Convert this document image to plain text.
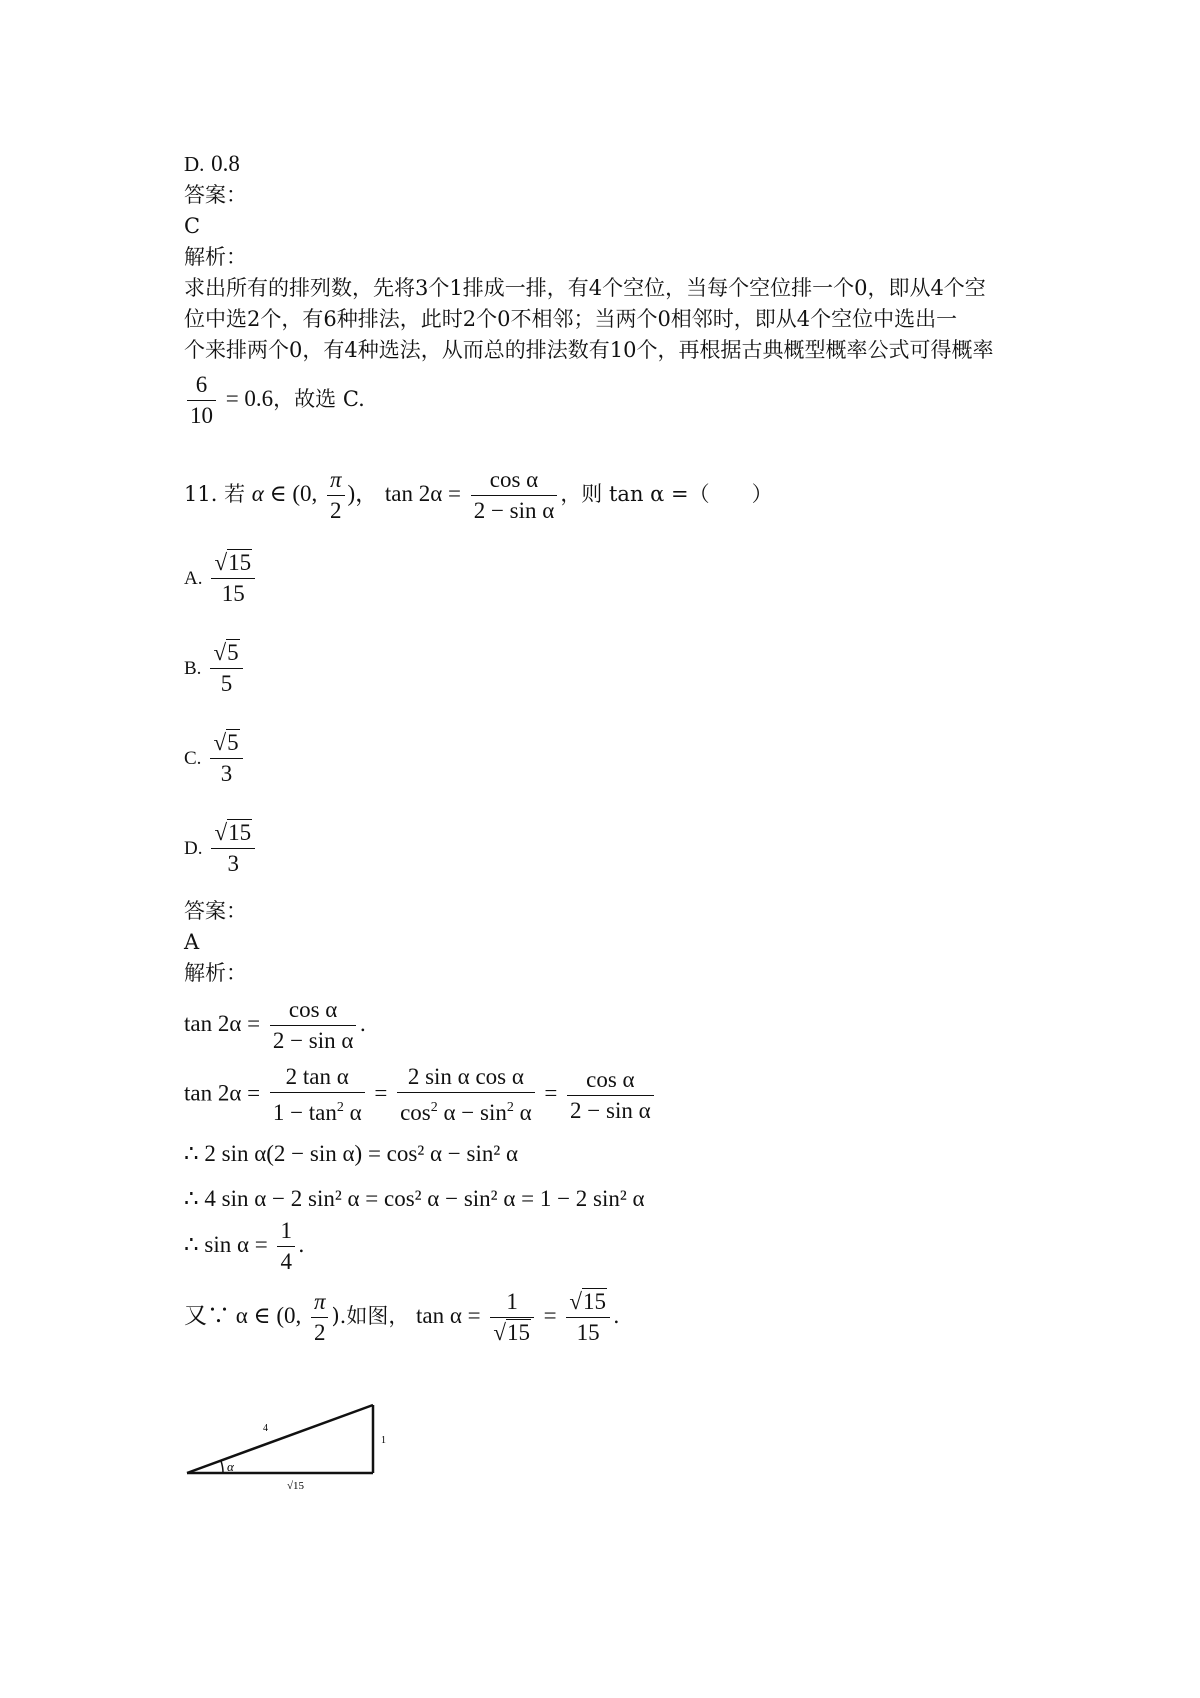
D. 0.8
答案：
C
解析：
求出所有的排列数，先将3个1排成一排，有4个空位，当每个空位排一个0，即从4个空
位中选2个，有6种排法，此时2个0不相邻；当两个0相邻时，即从4个空位中选出一
个来排两个0，有4种选法，从而总的排法数有10个，再根据古典概型概率公式可得概率
$\frac{6}{10} = 0.6$，故选 C.
11. 若 α ∈ (0, $\frac{\pi}{2}$ )， $\tan 2\alpha = \frac{\text{cos α}}{\text{2 − sin α}}$ ，则 tan α =（　　）
A. $\frac{√15}{15}$
B. $\frac{√5}{5}$
C. $\frac{√5}{3}$
D. $\frac{√15}{3}$
答案：
A
解析：
$\tan 2\alpha = \frac{\text{cos α}}{\text{2 − sin α}}$ .
$\tan 2\alpha = \frac{\text{2 tan α}}{1 - \tan^2 \alpha} = \frac{\text{2 sin α cos α}}{\cos^2 \alpha - \sin^2 \alpha} = \frac{\text{cos α}}{\text{2 − sin α}}$
∴ 2 sin α(2 − sin α) = cos² α − sin² α
∴ 4 sin α − 2 sin² α = cos² α − sin² α = 1 − 2 sin² α
∴ $\sin \alpha = \frac{1}{4}$ .
又∵ α ∈ (0, $\frac{\pi}{2}$ ).如图， $\tan \alpha = \frac{1}{√15} = \frac{√15}{15}$ .
α
4
1
√15
